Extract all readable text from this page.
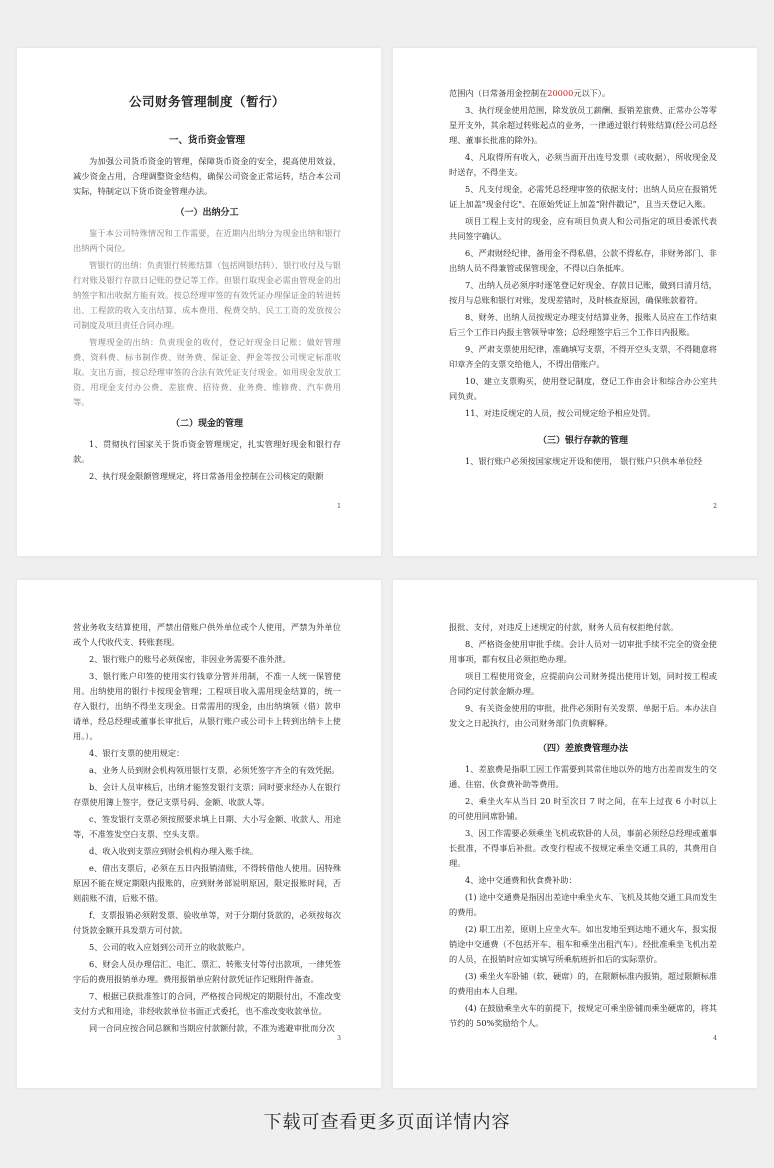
公司财务管理制度（暂行）
一、货币资金管理

为加强公司货币资金的管理，保障货币资金的安全，提高使用效益，减少资金占用，合理调整资金结构，确保公司资金正常运转，结合本公司实际，特制定以下货币资金管理办法。

（一）出纳分工

鉴于本公司特殊情况和工作需要，在近期内出纳分为现金出纳和银行出纳两个岗位。

管银行的出纳：负责银行转账结算（包括网银结转）、银行收付及与银行对账及银行存款日记账的登记等工作。但银行取现金必需由管现金的出纳签字和出收据方能有效。按总经理审签的有效凭证办理保证金的转进转出、工程款的收入支出结算、成本费用、税费交纳、民工工资的发放按公司制度及项目责任合同办理。

管理现金的出纳：负责现金的收付，登记好现金日记账；做好管理费、资料费、标书制作费、财务费、保证金、押金等按公司规定标准收取。支出方面，按总经理审签的合法有效凭证支付现金。如用现金发放工资、用现金支付办公费、差旅费、招待费、业务费、维修费、汽车费用等。

（二）现金的管理

1、贯彻执行国家关于货币资金管理规定，扎实管理好现金和银行存款。

2、执行现金限额管理规定，将日常备用金控制在公司核定的限额

1

范围内（日常备用金控制在20000元以下）。

3、执行现金使用范围，除发放员工薪酬、报销差旅费、正常办公等零星开支外，其余超过转账起点的业务，一律通过银行转账结算(经公司总经理、董事长批准的除外)。

4、凡取得所有收入，必须当面开出连号发票（或收据），所收现金及时送存，不得坐支。

5、凡支付现金，必需凭总经理审签的依据支付；出纳人员应在报销凭证上加盖"现金付讫"、在原始凭证上加盖“附件戳记”，且当天登记入账。

项目工程上支付的现金，应有项目负责人和公司指定的项目委派代表共同签字确认。

6、严肃财经纪律，备用金不得私借，公款不得私存，非财务部门、非出纳人员不得兼管或保管现金，不得以白条抵库。

7、出纳人员必须序时逐笔登记好现金、存款日记账，做到日清月结，按月与总账和银行对账，发现差错时，及时核查原因，确保账款着符。

8、财务、出纳人员按规定办理支付结算业务，报账人员应在工作结束后三个工作日内报主管领导审签；总经理签字后三个工作日内报账。

9、严肃支票使用纪律，准确填写支票，不得开空头支票，不得随意将印章齐全的支票交给他人，不得出借账户。

10、建立支票购买，使用登记制度，登记工作由会计和综合办公室共同负责。

11、对违反规定的人员，按公司规定给予相应处罚。

（三）银行存款的管理

1、银行账户必须按国家规定开设和使用， 银行账户只供本单位经

2

营业务收支结算使用，严禁出借账户供外单位或个人使用，严禁为外单位或个人代收代支、转账套现。

2、银行账户的账号必须保密，非因业务需要不准外泄。

3、银行账户印签的使用实行钱章分管并用制，不准一人统一保管使用。出纳使用的银行卡按现金管理；工程项目收入需用现金结算的，统一存入银行，出纳不得坐支现金。日常需用的现金，由出纳填领（借）款申请单，经总经理或董事长审批后，从银行账户或公司卡上转到出纳卡上使用。）。

4、银行支票的使用规定：

a、业务人员到财会机构领用银行支票，必须凭签字齐全的有效凭据。

b、会计人员审核后，出纳才能签发银行支票；同时要求经办人在银行存票使用簿上签字，登记支票号码、金额、收款人等。

c、签发银行支票必须按照要求填上日期、大小写金额、收款人、用途等，不准签发空白支票、空头支票。

d、收入收到支票应到财会机构办理入账手续。

e、借出支票后，必须在五日内报销清账，不得转借他人使用。因特殊原因不能在规定期限内报账的，应到财务部说明原因，限定报账时间，否则前账不清，后账不借。

f、支票报销必须附发票、验收单等，对于分期付货款的，必须按每次付货款金额开具发票方可付款。

5、公司的收入应划到公司开立的收款账户。

6、财会人员办理信汇、电汇、票汇、转账支付等付出款项，一律凭签字后的费用报销单办理。费用报销单应附付款凭证作记账附件备查。

7、根据已获批准签订的合同，严格按合同规定的期限付出，不准改变支付方式和用途，非经收款单位书面正式委托，也不准改变收款单位。

同一合同应按合同总额和当期应付款额付款，不准为逃避审批而分次

3

报批、支付，对违反上述规定的付款，财务人员有权拒绝付款。

8、严格资金使用审批手续。会计人员对一切审批手续不完全的资金使用事项，都有权且必须拒绝办理。

项目工程使用资金，应提前向公司财务提出使用计划，同时按工程或合同约定付款金额办理。

9、有关资金使用的审批，批件必须附有关发票、单据于后。本办法自发文之日起执行，由公司财务部门负责解释。

（四）差旅费管理办法

1、差旅费是指职工因工作需要到其常住地以外的地方出差而发生的交通、住宿、伙食费补助等费用。

2、乘坐火车从当日 20 时至次日 7 时之间，在车上过夜 6 小时以上的可使用同席卧铺。

3、因工作需要必须乘坐飞机或软卧的人员，事前必须经总经理或董事长批准，不得事后补批。改变行程或不按规定乘坐交通工具的，其费用自理。

4、途中交通费和伙食费补助：

(1) 途中交通费是指因出差途中乘坐火车、飞机及其他交通工具而发生的费用。

(2) 职工出差，原则上应坐火车。如出发地至到达地不通火车，报实报销途中交通费（不包括开车、租车和乘坐出租汽车）。经批准乘坐飞机出差的人员，在报销时应如实填写所乘航班折扣后的实际票价。

(3) 乘坐火车卧铺（软、硬席）的，在限额标准内报销，超过限额标准的费用由本人自理。

(4) 在鼓励乘坐火车的前提下，按规定可乘坐卧铺而乘坐硬席的，将其节约的 50%奖励给个人。

4
下载可查看更多页面详情内容
